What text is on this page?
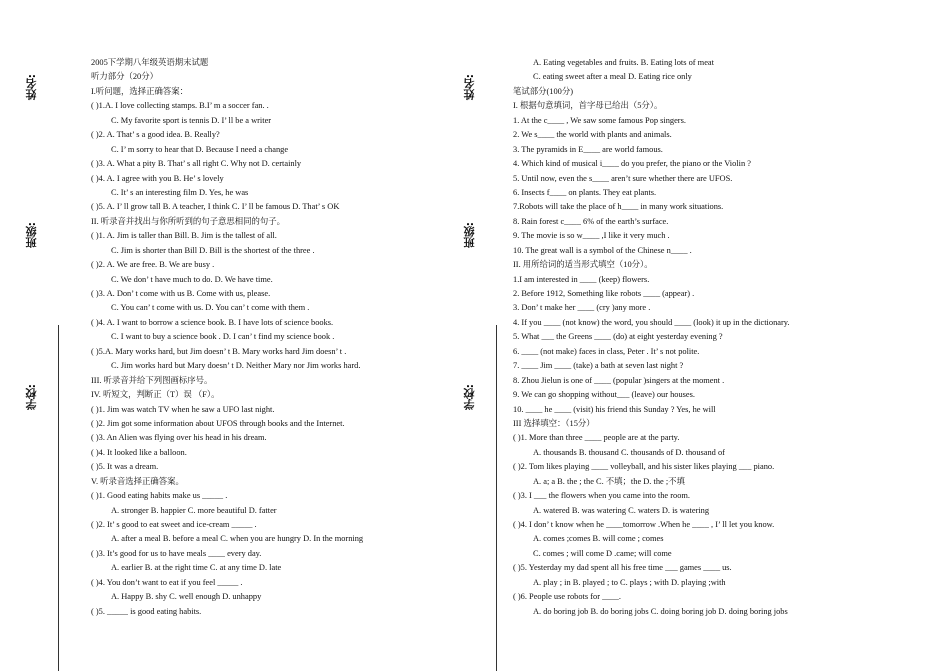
姓名:
班级:
学校:
姓名:
班级:
学校:
2005下学期八年级英语期末试题
听力部分（20分）
I.听问题，选择正确答案：
( )1.A. I love collecting stamps. B.I’ m a soccer fan. .
C. My favorite sport is tennis D. I’ ll be a writer
( )2. A. That’ s a good idea. B. Really?
C. I’ m sorry to hear that D. Because I need a change
( )3. A. What a pity B. That’ s all right C. Why not D. certainly
( )4. A. I agree with you B. He’ s lovely
C. It’ s an interesting film D. Yes, he was
( )5. A. I’ ll grow tall B. A teacher, I think C. I’ ll be famous D. That’ s OK
II. 听录音并找出与你所听到的句子意思相同的句子。
( )1. A. Jim is taller than Bill. B. Jim is the tallest of all.
C. Jim is shorter than Bill D. Bill is the shortest of the three .
( )2. A. We are free. B. We are busy .
C. We don’ t have much to do. D. We have time.
( )3. A. Don’ t come with us B. Come with us, please.
C. You can’ t come with us. D. You can’ t come with them .
( )4. A. I want to borrow a science book. B. I have lots of science books.
C. I want to buy a science book . D. I can’ t find my science book .
( )5.A. Mary works hard, but Jim doesn’ t B. Mary works hard Jim doesn’ t .
C. Jim works hard but Mary doesn’ t D. Neither Mary nor Jim works hard.
III. 听录音并给下列图画标序号。
IV. 听短文，判断正（T）误 （F）。
( )1. Jim was watch TV when he saw a UFO last night.
( )2. Jim got some information about UFOS through books and the Internet.
( )3. An Alien was flying over his head in his dream.
( )4. It looked like a balloon.
( )5. It was a dream.
V. 听录音选择正确答案。
( )1. Good eating habits make us _____ .
A. stronger B. happier C. more beautiful D. fatter
( )2. It’ s good to eat sweet and ice-cream _____ .
A. after a meal B. before a meal C. when you are hungry D. In the morning
( )3. It’s good for us to have meals ____ every day.
A. earlier B. at the right time C. at any time D. late
( )4. You don’t want to eat if you feel _____ .
A. Happy B. shy C. well enough D. unhappy
( )5. _____ is good eating habits.
A. Eating vegetables and fruits. B. Eating lots of meat
C. eating sweet after a meal D. Eating rice only
笔试部分(100分)
I. 根据句意填词，首字母已给出（5分）。
1. At the c____ , We saw some famous Pop singers.
2. We s____ the world with plants and animals.
3. The pyramids in E____ are world famous.
4. Which kind of musical i____ do you prefer, the piano or the Violin ?
5. Until now, even the s____ aren’t sure whether there are UFOS.
6. Insects f____ on plants. They eat plants.
7.Robots will take the place of h____ in many work situations.
8. Rain forest c____ 6% of the earth’s surface.
9. The movie is so w____ ,I like it very much .
10. The great wall is a symbol of the Chinese n____ .
II. 用所给词的适当形式填空（10分）。
1.I am interested in ____ (keep) flowers.
2. Before 1912, Something like robots ____ (appear) .
3. Don’ t make her ____ (cry )any more .
4. If you ____ (not know) the word, you should ____ (look) it up in the dictionary.
5. What ___ the Greens ____ (do) at eight yesterday evening ?
6. ____ (not make) faces in class, Peter . It’ s not polite.
7. ____ Jim ____ (take) a bath at seven last night ?
8. Zhou Jielun is one of ____ (popular )singers at the moment .
9. We can go shopping without___ (leave) our houses.
10. ____ he ____ (visit) his friend this Sunday ? Yes, he will
III 选择填空：（15分）
( )1. More than three ____ people are at the party.
A. thousands B. thousand C. thousands of D. thousand of
( )2. Tom likes playing ____ volleyball, and his sister likes playing ___ piano.
A. a; a B. the ; the C. 不填；the D. the ;不填
( )3. I ___ the flowers when you came into the room.
A. watered B. was watering C. waters D. is watering
( )4. I don’ t know when he ____tomorrow .When he ____ , I’ ll let you know.
A. comes ;comes B. will come ; comes
C. comes ; will come D .came; will come
( )5. Yesterday my dad spent all his free time ___ games ____ us.
A. play ; in B. played ; to C. plays ; with D. playing ;with
( )6. People use robots for ____.
A. do boring job B. do boring jobs C. doing boring job D. doing boring jobs
